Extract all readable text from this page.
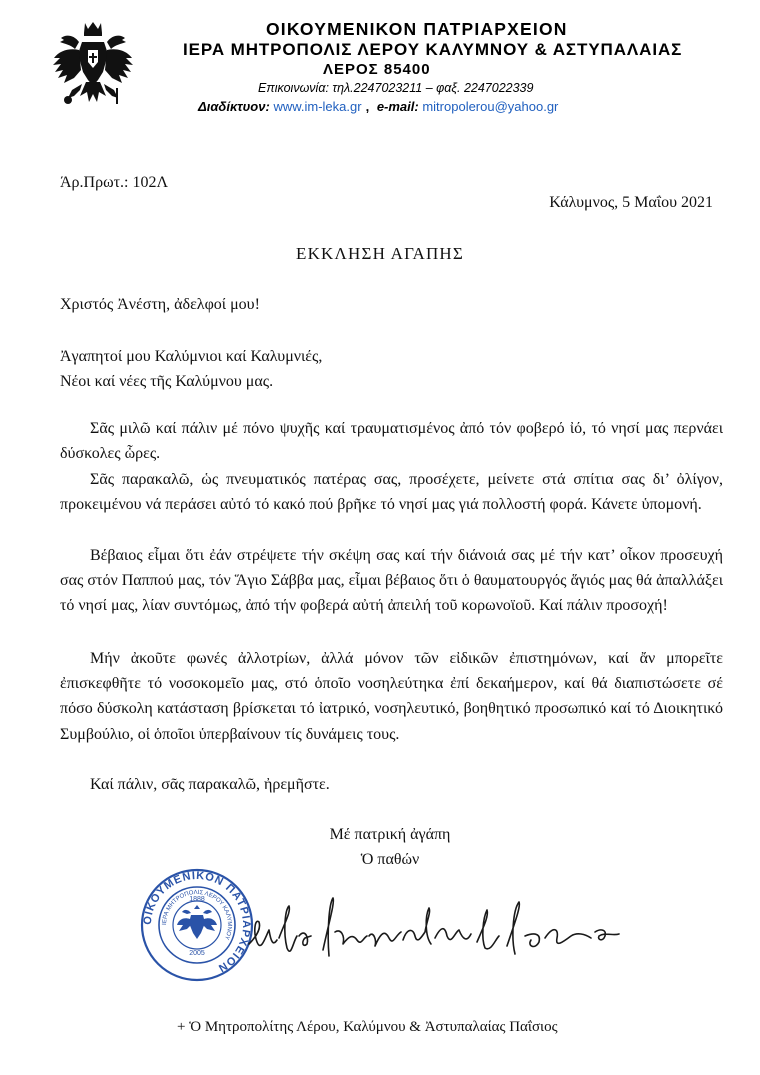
ΟΙΚΟΥΜΕΝΙΚΟΝ ΠΑΤΡΙΑΡΧΕΙΟΝ
ΙΕΡΑ ΜΗΤΡΟΠΟΛΙΣ ΛΕΡΟΥ ΚΑΛΥΜΝΟΥ & ΑΣΤΥΠΑΛΑΙΑΣ
ΛΕΡΟΣ 85400
Επικοινωνία: τηλ.2247023211 – φαξ. 2247022339
Διαδίκτυον: www.im-leka.gr , e-mail: mitropolerou@yahoo.gr
Άρ.Πρωτ.: 102Λ
Κάλυμνος, 5 Μαΐου 2021
ΕΚΚΛΗΣΗ ΑΓΑΠΗΣ
Χριστός Ἀνέστη, ἀδελφοί μου!
Ἀγαπητοί μου Καλύμνιοι καί Καλυμνιές,
Νέοι καί νέες τῆς Καλύμνου μας.

Σᾶς μιλῶ καί πάλιν μέ πόνο ψυχῆς καί τραυματισμένος ἀπό τόν φοβερό ἰό, τό νησί μας περνάει δύσκολες ὧρες.

Σᾶς παρακαλῶ, ὡς πνευματικός πατέρας σας, προσέχετε, μείνετε στά σπίτια σας δι’ ὀλίγον, προκειμένου νά περάσει αὐτό τό κακό πού βρῆκε τό νησί μας γιά πολλοστή φορά. Κάνετε ὑπομονή.

Βέβαιος εἶμαι ὅτι ἐάν στρέψετε τήν σκέψη σας καί τήν διάνοιά σας μέ τήν κατ’ οἶκον προσευχή σας στόν Παππού μας, τόν Ἅγιο Σάββα μας, εἶμαι βέβαιος ὅτι ὁ θαυματουργός ἅγιός μας θά ἀπαλλάξει τό νησί μας, λίαν συντόμως, ἀπό τήν φοβερά αὐτή ἀπειλή τοῦ κορωνοϊοῦ. Καί πάλιν προσοχή!

Μήν ἀκοῦτε φωνές ἀλλοτρίων, ἀλλά μόνον τῶν εἰδικῶν ἐπιστημόνων, καί ἄν μπορεῖτε ἐπισκεφθῆτε τό νοσοκομεῖο μας, στό ὁποῖο νοσηλεύτηκα ἐπί δεκαήμερον, καί θά διαπιστώσετε σέ πόσο δύσκολη κατάσταση βρίσκεται τό ἰατρικό, νοσηλευτικό, βοηθητικό προσωπικό καί τό Διοικητικό Συμβούλιο, οἱ ὁποῖοι ὑπερβαίνουν τίς δυνάμεις τους.

Καί πάλιν, σᾶς παρακαλῶ, ἠρεμῆστε.

Μέ πατρική ἀγάπη
Ὁ παθών
ΟΙΚΟΥΜΕΝΙΚΟΝ ΠΑΤΡΙΑΡΧΕΙΟΝ
ΙΕΡΑ ΜΗΤΡΟΠΟΛΙΣ ΛΕΡΟΥ ΚΑΛΥΜΝΟΥ
1888
2005
+ Ὁ Μητροπολίτης Λέρου, Καλύμνου & Ἀστυπαλαίας Παΐσιος
